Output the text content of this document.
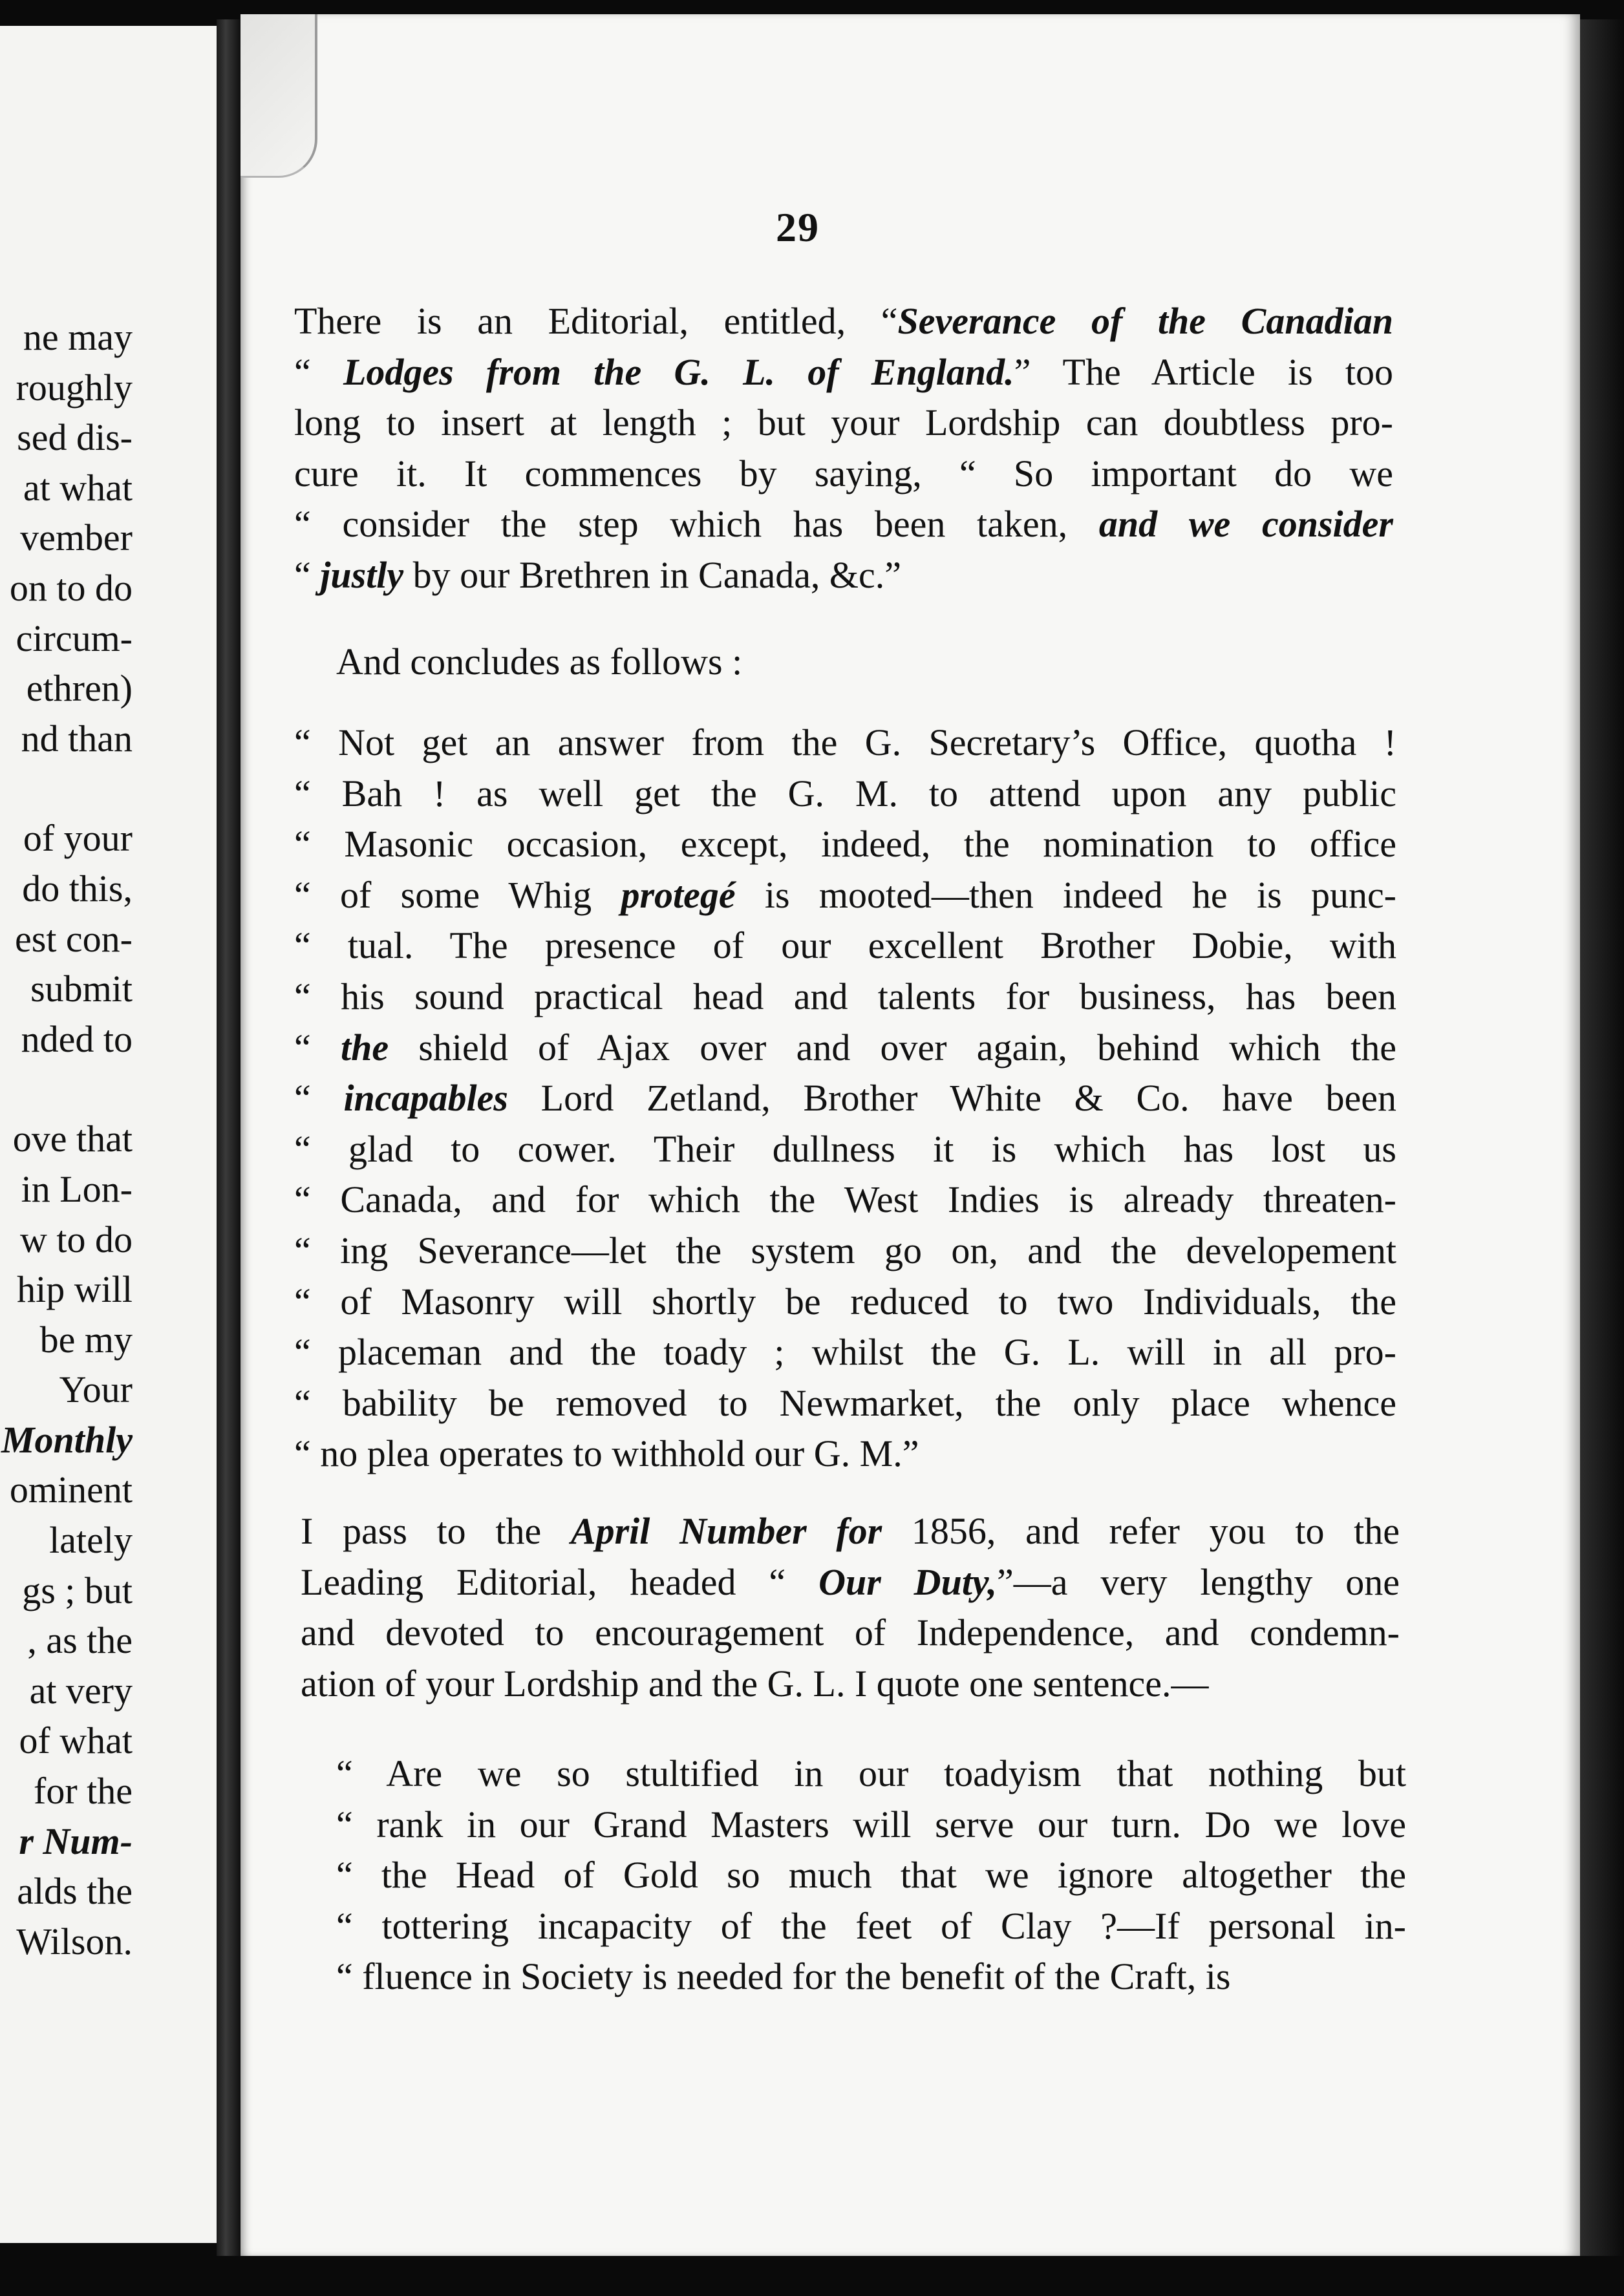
ne may
roughly
sed dis-
at what
vember
on to do
circum-
ethren)
nd than
of your
do this,
est con-
submit
nded to
ove that
in Lon-
w to do
hip will
be my
Your
Monthly
ominent
lately
gs ; but
, as the
at very
of what
for the
r Num-
alds the
Wilson.
29
There is an Editorial, entitled, “Severance of the Canadian
“ Lodges from the G. L. of England.” The Article is too
long to insert at length ; but your Lordship can doubtless pro-
cure it. It commences by saying, “ So important do we
“ consider the step which has been taken, and we consider
“ justly by our Brethren in Canada, &c.”
And concludes as follows :
“ Not get an answer from the G. Secretary’s Office, quotha !
“ Bah ! as well get the G. M. to attend upon any public
“ Masonic occasion, except, indeed, the nomination to office
“ of some Whig protegé is mooted—then indeed he is punc-
“ tual. The presence of our excellent Brother Dobie, with
“ his sound practical head and talents for business, has been
“ the shield of Ajax over and over again, behind which the
“ incapables Lord Zetland, Brother White & Co. have been
“ glad to cower. Their dullness it is which has lost us
“ Canada, and for which the West Indies is already threaten-
“ ing Severance—let the system go on, and the developement
“ of Masonry will shortly be reduced to two Individuals, the
“ placeman and the toady ; whilst the G. L. will in all pro-
“ bability be removed to Newmarket, the only place whence
“ no plea operates to withhold our G. M.”
I pass to the April Number for 1856, and refer you to the
Leading Editorial, headed “ Our Duty,”—a very lengthy one
and devoted to encouragement of Independence, and condemn-
ation of your Lordship and the G. L. I quote one sentence.—
“ Are we so stultified in our toadyism that nothing but
“ rank in our Grand Masters will serve our turn. Do we love
“ the Head of Gold so much that we ignore altogether the
“ tottering incapacity of the feet of Clay ?—If personal in-
“ fluence in Society is needed for the benefit of the Craft, is
